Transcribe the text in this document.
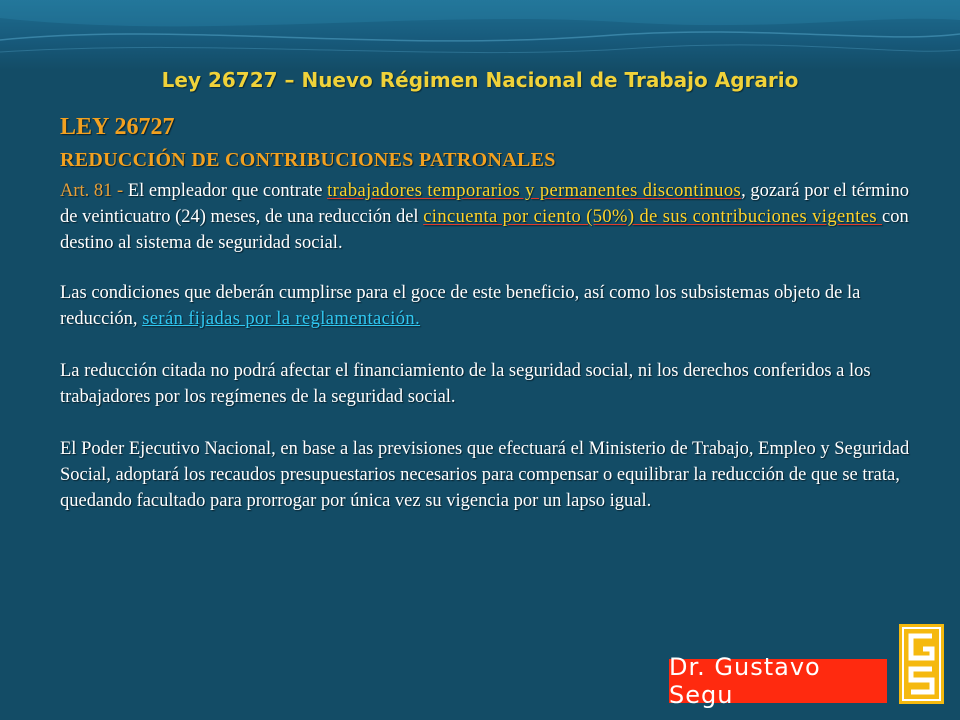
Ley 26727 – Nuevo Régimen Nacional de Trabajo Agrario
LEY 26727
REDUCCIÓN DE CONTRIBUCIONES PATRONALES

Art. 81 - El empleador que contrate trabajadores temporarios y permanentes discontinuos, gozará por el término de veinticuatro (24) meses, de una reducción del cincuenta por ciento (50%) de sus contribuciones vigentes con destino al sistema de seguridad social.

Las condiciones que deberán cumplirse para el goce de este beneficio, así como los subsistemas objeto de la reducción, serán fijadas por la reglamentación.

La reducción citada no podrá afectar el financiamiento de la seguridad social, ni los derechos conferidos a los trabajadores por los regímenes de la seguridad social.

El Poder Ejecutivo Nacional, en base a las previsiones que efectuará el Ministerio de Trabajo, Empleo y Seguridad Social, adoptará los recaudos presupuestarios necesarios para compensar o equilibrar la reducción de que se trata, quedando facultado para prorrogar por única vez su vigencia por un lapso igual.

Dr. Gustavo Segu
